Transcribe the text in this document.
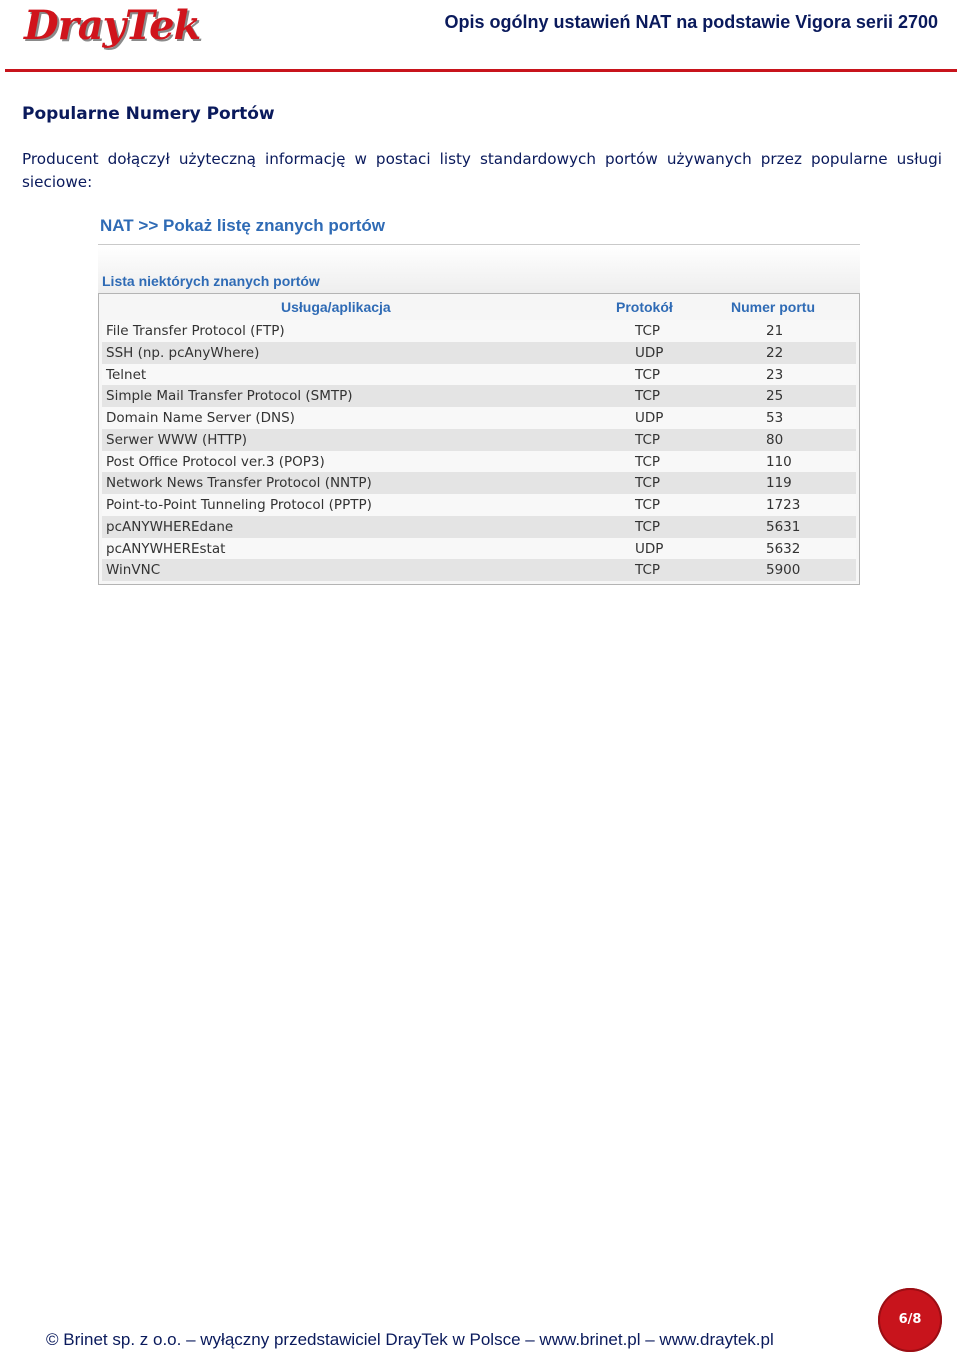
DrayTek	Opis ogólny ustawień NAT na podstawie Vigora serii 2700
Popularne Numery Portów

Producent dołączył użyteczną informację w postaci listy standardowych portów używanych przez popularne usługi sieciowe:

NAT >> Pokaż listę znanych portów
Lista niektórych znanych portów
Usługa/aplikacja	Protokół	Numer portu
File Transfer Protocol (FTP)	TCP	21
SSH (np. pcAnyWhere)	UDP	22
Telnet	TCP	23
Simple Mail Transfer Protocol (SMTP)	TCP	25
Domain Name Server (DNS)	UDP	53
Serwer WWW (HTTP)	TCP	80
Post Office Protocol ver.3 (POP3)	TCP	110
Network News Transfer Protocol (NNTP)	TCP	119
Point-to-Point Tunneling Protocol (PPTP)	TCP	1723
pcANYWHEREdane	TCP	5631
pcANYWHEREstat	UDP	5632
WinVNC	TCP	5900
© Brinet sp. z o.o. – wyłączny przedstawiciel DrayTek w Polsce – www.brinet.pl – www.draytek.pl
6/8
